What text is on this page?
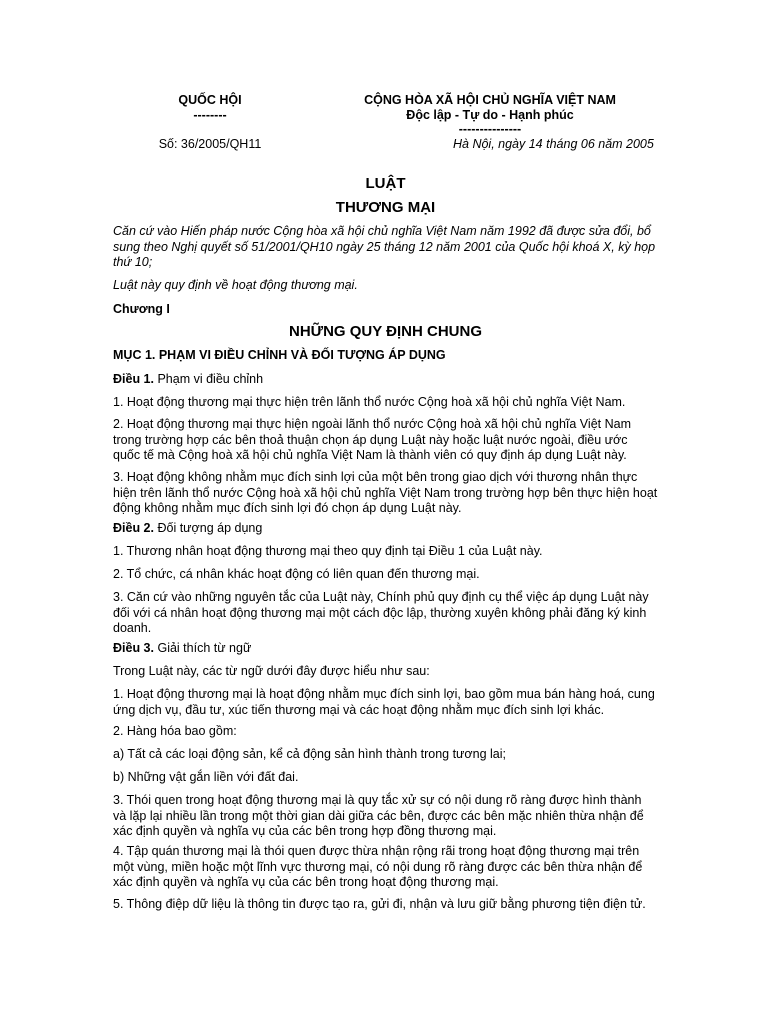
QUỐC HỘI
--------
Số: 36/2005/QH11
CỘNG HÒA XÃ HỘI CHỦ NGHĨA VIỆT NAM
Độc lập - Tự do - Hạnh phúc
---------------
Hà Nội, ngày 14 tháng 06 năm 2005
LUẬT
THƯƠNG MẠI
Căn cứ vào Hiến pháp nước Cộng hòa xã hội chủ nghĩa Việt Nam năm 1992 đã được sửa đổi, bổ sung theo Nghị quyết số 51/2001/QH10 ngày 25 tháng 12 năm 2001 của Quốc hội khoá X, kỳ họp thứ 10;
Luật này quy định về hoạt động thương mại.
Chương I
NHỮNG QUY ĐỊNH CHUNG
MỤC 1. PHẠM VI ĐIỀU CHỈNH VÀ ĐỐI TƯỢNG ÁP DỤNG
Điều 1. Phạm vi điều chỉnh
1. Hoạt động thương mại thực hiện trên lãnh thổ nước Cộng hoà xã hội chủ nghĩa Việt Nam.
2. Hoạt động thương mại thực hiện ngoài lãnh thổ nước Cộng hoà xã hội chủ nghĩa Việt Nam trong trường hợp các bên thoả thuận chọn áp dụng Luật này hoặc luật nước ngoài, điều ước quốc tế mà Cộng hoà xã hội chủ nghĩa Việt Nam là thành viên có quy định áp dụng Luật này.
3. Hoạt động không nhằm mục đích sinh lợi của một bên trong giao dịch với thương nhân thực hiện trên lãnh thổ nước Cộng hoà xã hội chủ nghĩa Việt Nam trong trường hợp bên thực hiện hoạt động không nhằm mục đích sinh lợi đó chọn áp dụng Luật này.
Điều 2. Đối tượng áp dụng
1. Thương nhân hoạt động thương mại theo quy định tại Điều 1 của Luật này.
2. Tổ chức, cá nhân khác hoạt động có liên quan đến thương mại.
3. Căn cứ vào những nguyên tắc của Luật này, Chính phủ quy định cụ thể việc áp dụng Luật này đối với cá nhân hoạt động thương mại một cách độc lập, thường xuyên không phải đăng ký kinh doanh.
Điều 3. Giải thích từ ngữ
Trong Luật này, các từ ngữ dưới đây được hiểu như sau:
1. Hoạt động thương mại là hoạt động nhằm mục đích sinh lợi, bao gồm mua bán hàng hoá, cung ứng dịch vụ, đầu tư, xúc tiến thương mại và các hoạt động nhằm mục đích sinh lợi khác.
2. Hàng hóa bao gồm:
a) Tất cả các loại động sản, kể cả động sản hình thành trong tương lai;
b) Những vật gắn liền với đất đai.
3. Thói quen trong hoạt động thương mại là quy tắc xử sự có nội dung rõ ràng được hình thành và lặp lại nhiều lần trong một thời gian dài giữa các bên, được các bên mặc nhiên thừa nhận để xác định quyền và nghĩa vụ của các bên trong hợp đồng thương mại.
4. Tập quán thương mại là thói quen được thừa nhận rộng rãi trong hoạt động thương mại trên một vùng, miền hoặc một lĩnh vực thương mại, có nội dung rõ ràng được các bên thừa nhận để xác định quyền và nghĩa vụ của các bên trong hoạt động thương mại.
5. Thông điệp dữ liệu là thông tin được tạo ra, gửi đi, nhận và lưu giữ bằng phương tiện điện tử.
